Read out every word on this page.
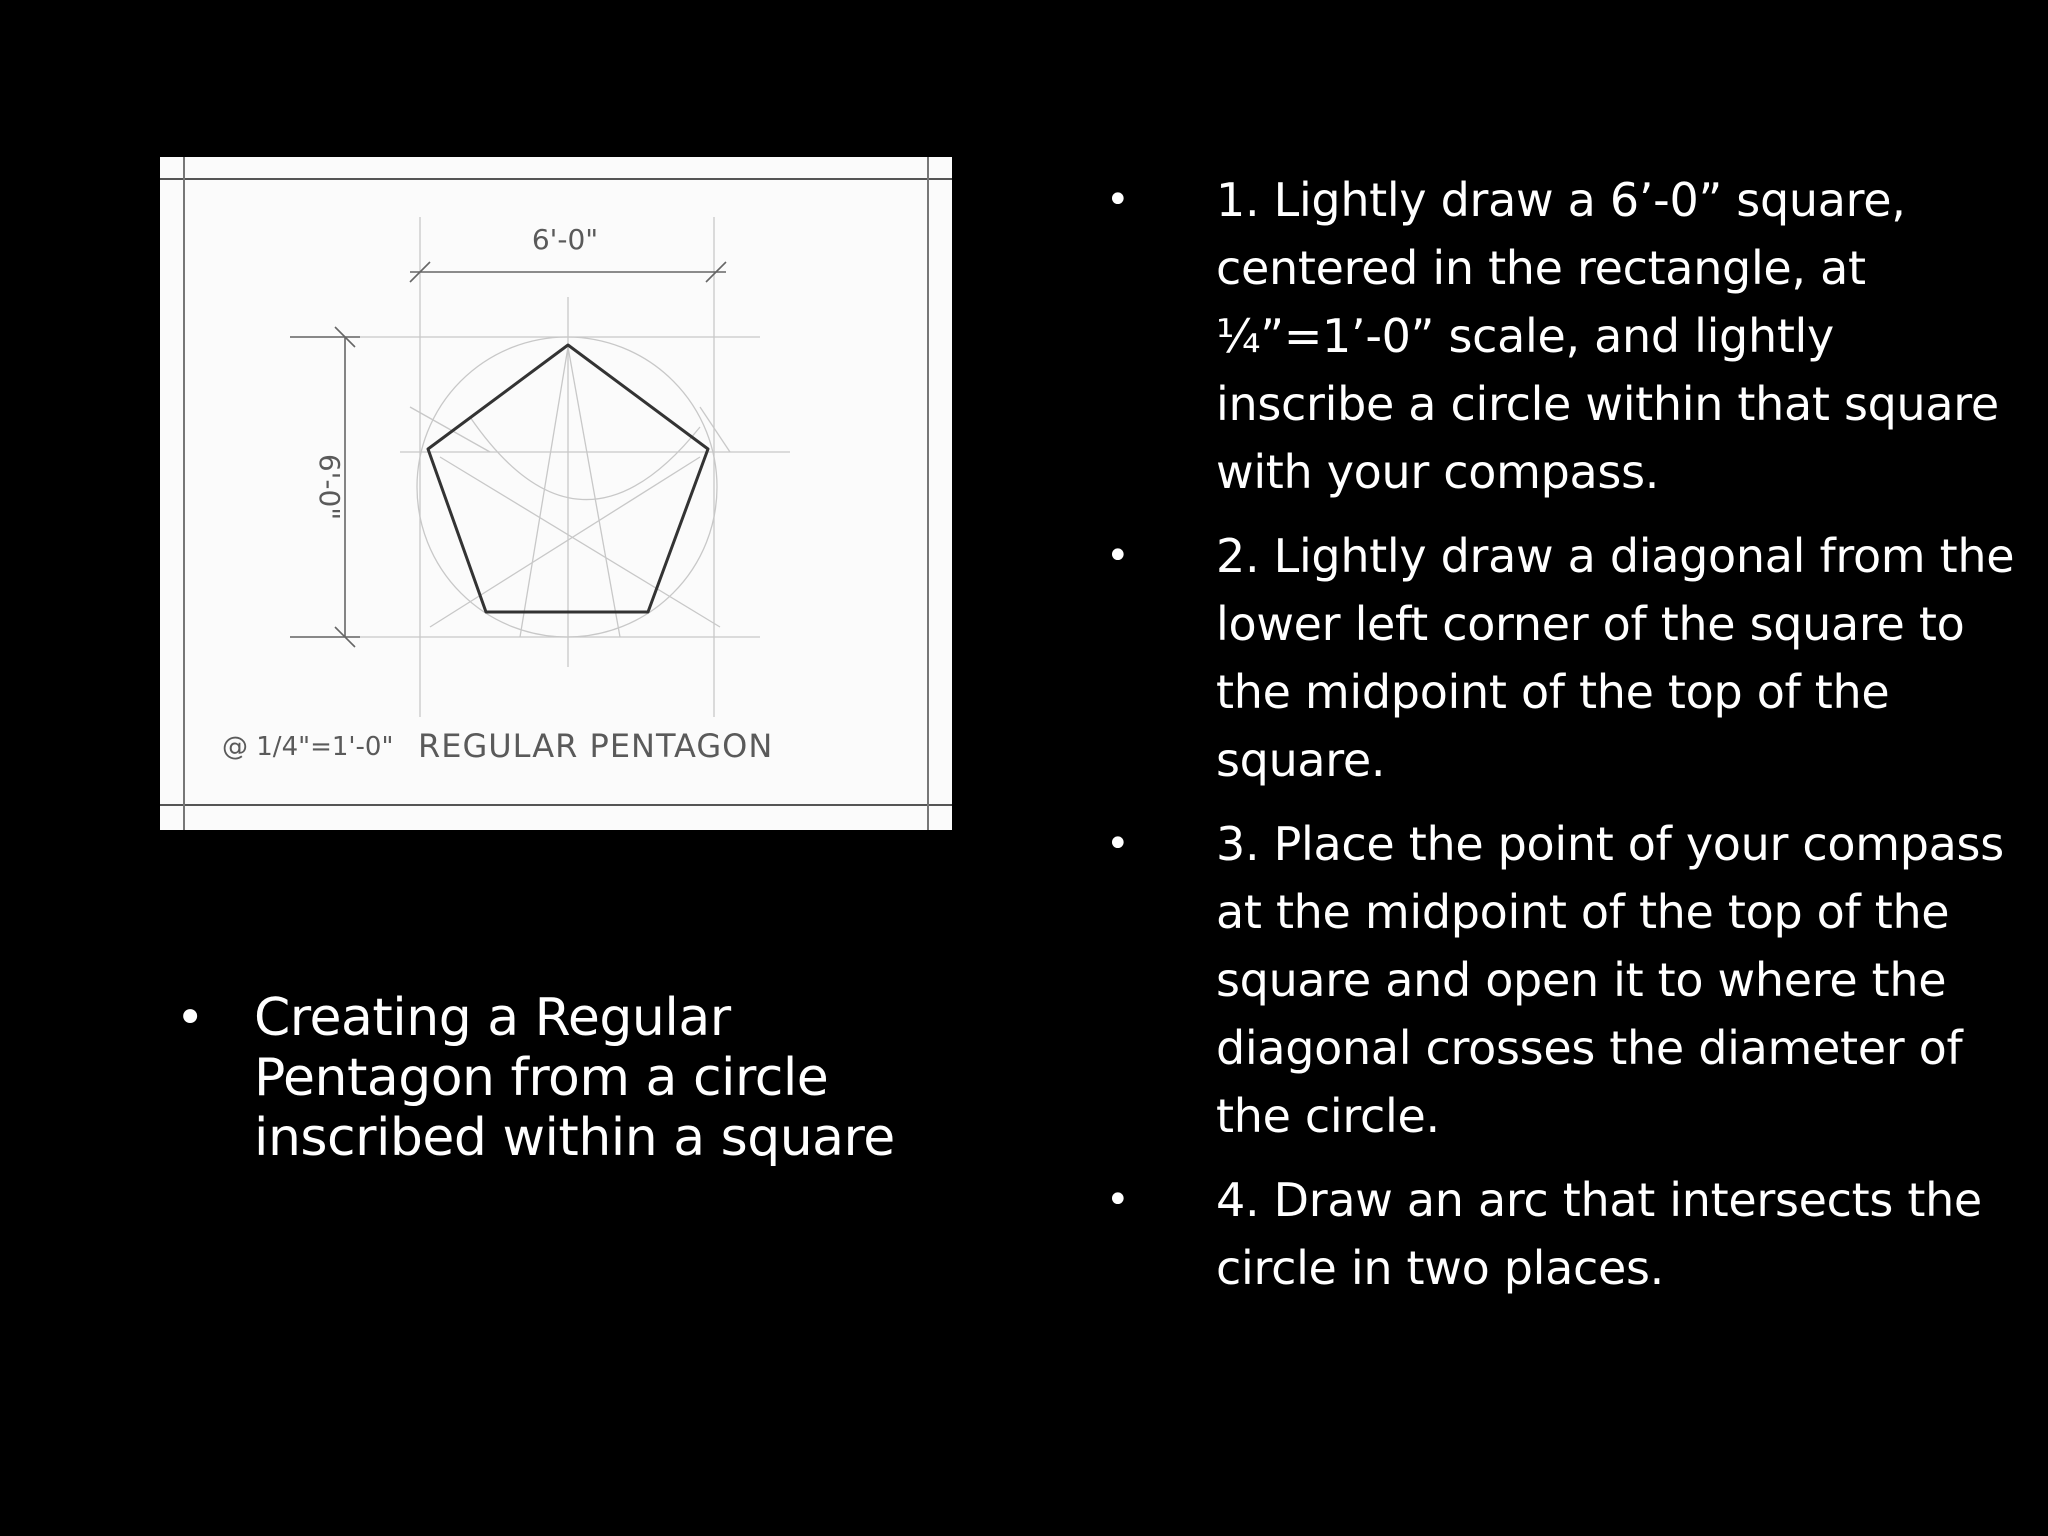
6'-0"
6'-0"
@ 1/4"=1'-0" REGULAR PENTAGON
• Creating a Regular Pentagon from a circle inscribed within a square
•	1. Lightly draw a 6’-0” square, centered in the rectangle, at ¼”=1’-0” scale, and lightly inscribe a circle within that square with your compass.
•	2. Lightly draw a diagonal from the lower left corner of the square to the midpoint of the top of the square.
•	3. Place the point of your compass at the midpoint of the top of the square and open it to where the diagonal crosses the diameter of the circle.
•	4. Draw an arc that intersects the circle in two places.
